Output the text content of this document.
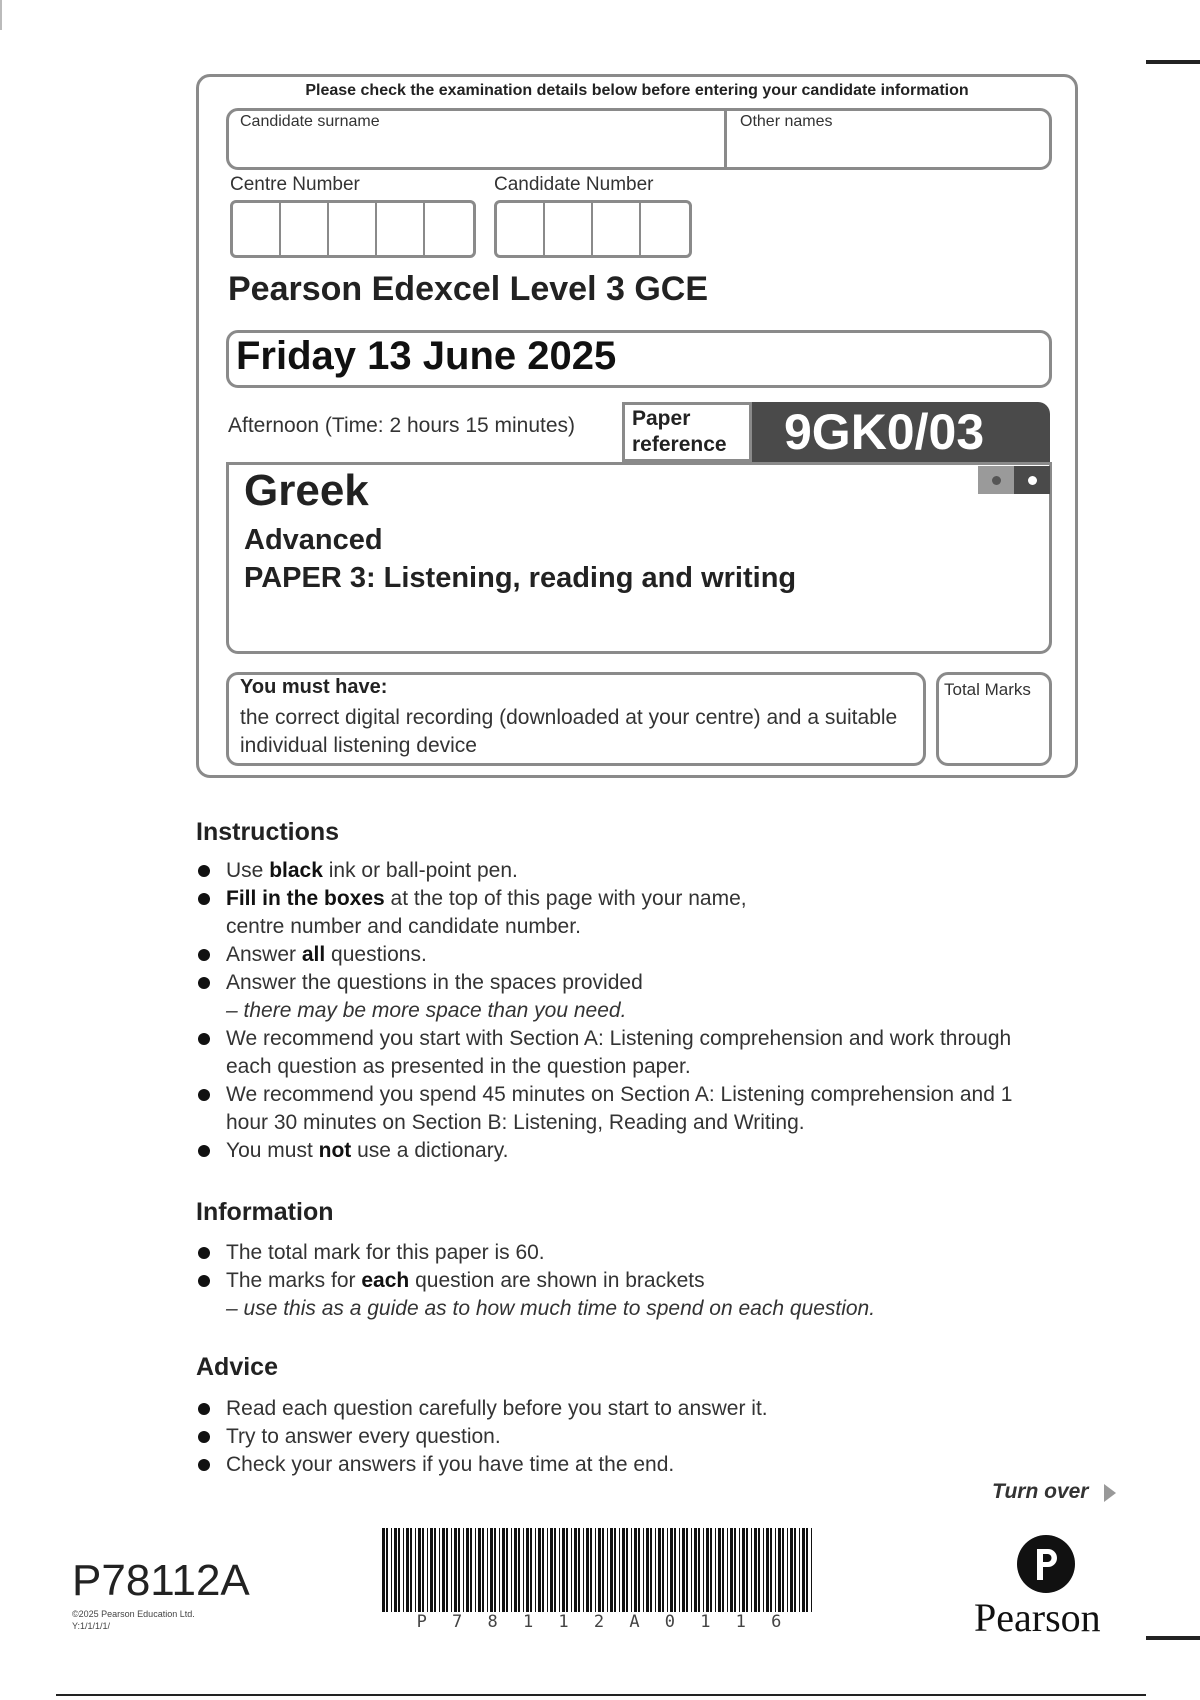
Please check the examination details below before entering your candidate information
Candidate surname	Other names
Centre Number	Candidate Number
Pearson Edexcel Level 3 GCE
Friday 13 June 2025
Afternoon (Time: 2 hours 15 minutes)	Paper
reference 9GK0/03
Greek
Advanced
PAPER 3: Listening, reading and writing
You must have:
the correct digital recording (downloaded at your centre) and a suitable individual listening device
Total Marks
Instructions
Use black ink or ball-point pen.
Fill in the boxes at the top of this page with your name, centre number and candidate number.
Answer all questions.
Answer the questions in the spaces provided
– there may be more space than you need.
We recommend you start with Section A: Listening comprehension and work through each question as presented in the question paper.
We recommend you spend 45 minutes on Section A: Listening comprehension and 1 hour 30 minutes on Section B: Listening, Reading and Writing.
You must not use a dictionary.
Information
The total mark for this paper is 60.
The marks for each question are shown in brackets
– use this as a guide as to how much time to spend on each question.
Advice
Read each question carefully before you start to answer it.
Try to answer every question.
Check your answers if you have time at the end.
Turn over
P78112A
©2025 Pearson Education Ltd.
Y:1/1/1/1/	P 7 8 1 1 2 A 0 1 1 6	Pearson
